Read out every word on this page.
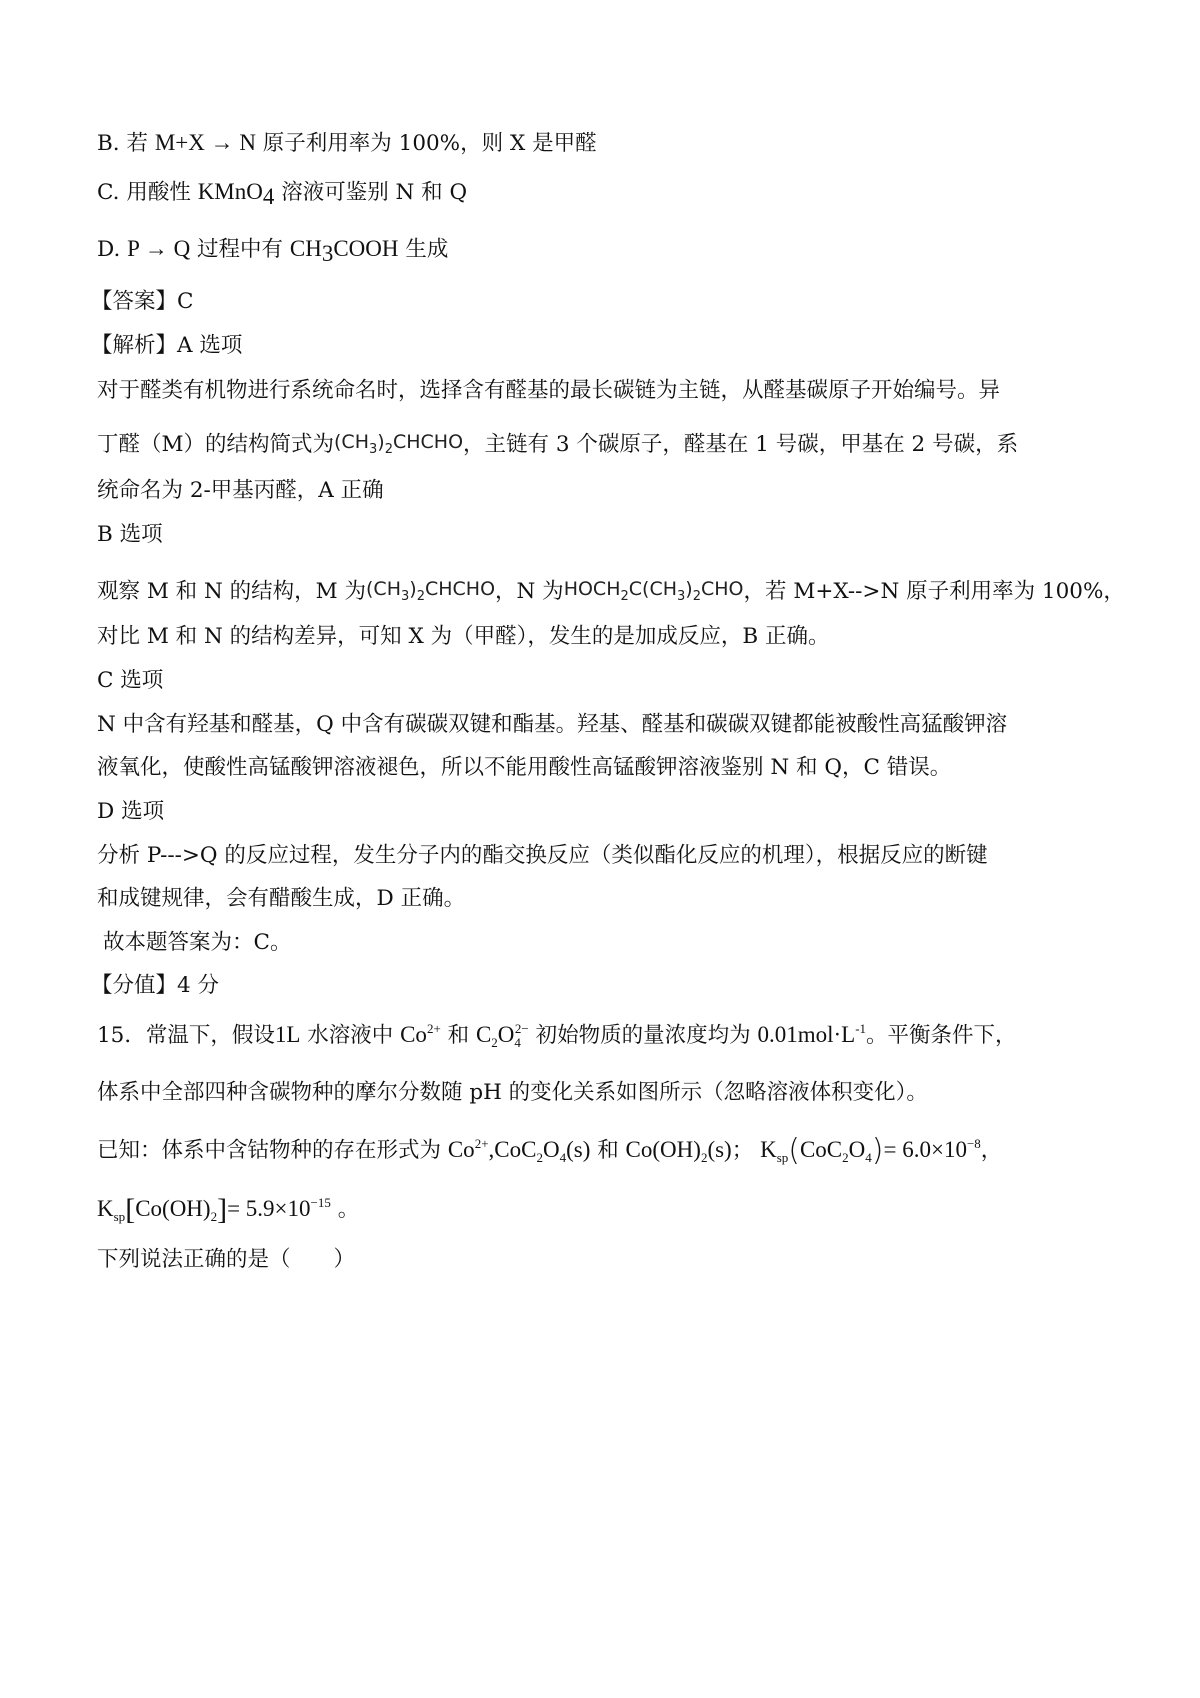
B. 若 M+X → N 原子利用率为 100%，则 X 是甲醛
C. 用酸性 KMnO$_4$ 溶液可鉴别 N 和 Q
D. P → Q 过程中有 $CH_3COOH$ 生成
【答案】C
【解析】A 选项
对于醛类有机物进行系统命名时，选择含有醛基的最长碳链为主链，从醛基碳原子开始编号。异
丁醛（M）的结构简式为$(CH_3)_2CHCHO$，主链有 3 个碳原子，醛基在 1 号碳，甲基在 2 号碳，系
统命名为 2-甲基丙醛，A 正确
B 选项
观察 M 和 N 的结构，M 为$(CH_3)_2CHCHO$，N 为$HOCH_2C(CH_3)_2CHO$，若 M+X-->N 原子利用率为 100%，
对比 M 和 N 的结构差异，可知 X 为（甲醛），发生的是加成反应，B 正确。
C 选项
N 中含有羟基和醛基，Q 中含有碳碳双键和酯基。羟基、醛基和碳碳双键都能被酸性高猛酸钾溶
液氧化，使酸性高锰酸钾溶液褪色，所以不能用酸性高锰酸钾溶液鉴别 N 和 Q，C 错误。
D 选项
分析 P--->Q 的反应过程，发生分子内的酯交换反应（类似酯化反应的机理），根据反应的断键
和成键规律，会有醋酸生成，D 正确。
故本题答案为：C。
【分值】4 分
15．常温下，假设1L 水溶液中 $Co^{2+}$ 和 $C_2O_4^{2-}$ 初始物质的量浓度均为 $0.01mol\cdot L^{-1}$。平衡条件下，
体系中全部四种含碳物种的摩尔分数随 pH 的变化关系如图所示（忽略溶液体积变化）。
已知：体系中含钴物种的存在形式为 $Co^{2+},CoC_2O_4(s)$ 和 $Co(OH)_2(s)$； $K_{sp}(CoC_2O_4)= 6.0\times 10^{-8}$，
$K_{sp}[Co(OH)_2]= 5.9\times 10^{-15}$ 。
下列说法正确的是（　　）
